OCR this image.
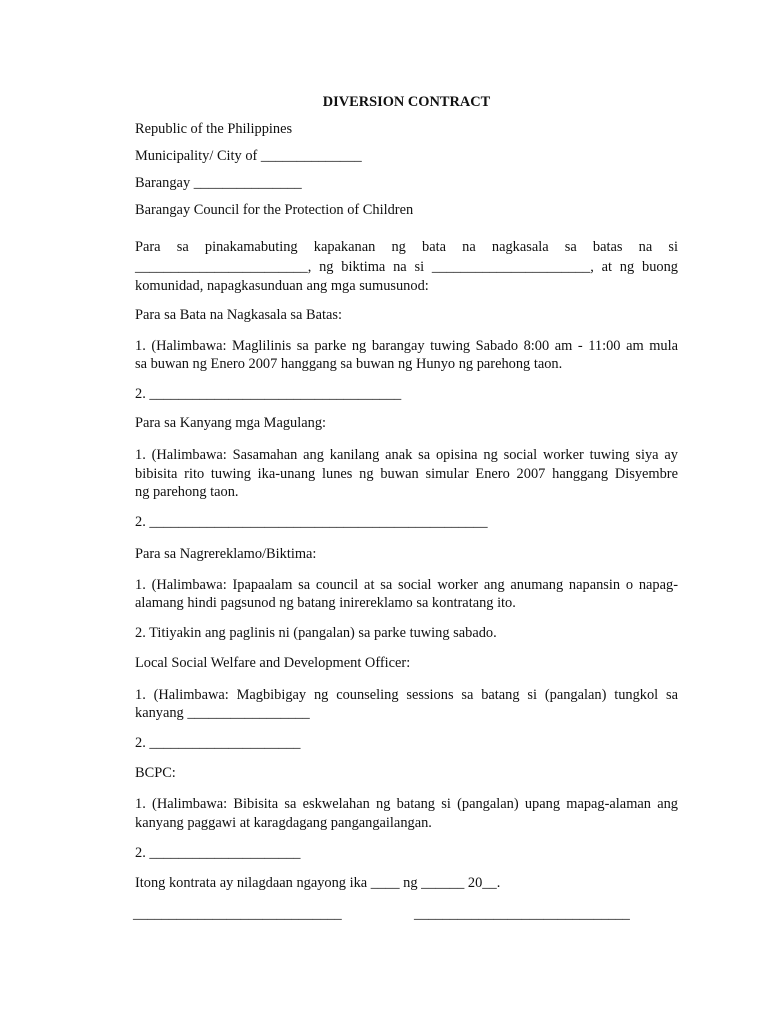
DIVERSION CONTRACT
Republic of the Philippines
Municipality/ City of ______________
Barangay _______________
Barangay Council for the Protection of Children
Para sa pinakamabuting kapakanan ng bata na nagkasala sa batas na si
________________________, ng biktima na si ______________________, at ng buong
komunidad, napagkasunduan ang mga sumusunod:
Para sa Bata na Nagkasala sa Batas:
1. (Halimbawa: Maglilinis sa parke ng barangay tuwing Sabado 8:00 am - 11:00 am mula
sa buwan ng Enero 2007 hanggang sa buwan ng Hunyo ng parehong taon.
2. ___________________________________
Para sa Kanyang mga Magulang:
1. (Halimbawa: Sasamahan ang kanilang anak sa opisina ng social worker tuwing siya ay
bibisita rito tuwing ika-unang lunes ng buwan simular Enero 2007 hanggang Disyembre
ng parehong taon.
2. _______________________________________________
Para sa Nagrereklamo/Biktima:
1. (Halimbawa: Ipapaalam sa council at sa social worker ang anumang napansin o napag-
alamang hindi pagsunod ng batang inirereklamo sa kontratang ito.
2. Titiyakin ang paglinis ni (pangalan) sa parke tuwing sabado.
Local Social Welfare and Development Officer:
1. (Halimbawa: Magbibigay ng counseling sessions sa batang si (pangalan) tungkol sa
kanyang _________________
2. _____________________
BCPC:
1. (Halimbawa: Bibisita sa eskwelahan ng batang si (pangalan) upang mapag-alaman ang
kanyang paggawi at karagdagang pangangailangan.
2. _____________________
Itong kontrata ay nilagdaan ngayong ika ____ ng ______ 20__.
_____________________________	______________________________
